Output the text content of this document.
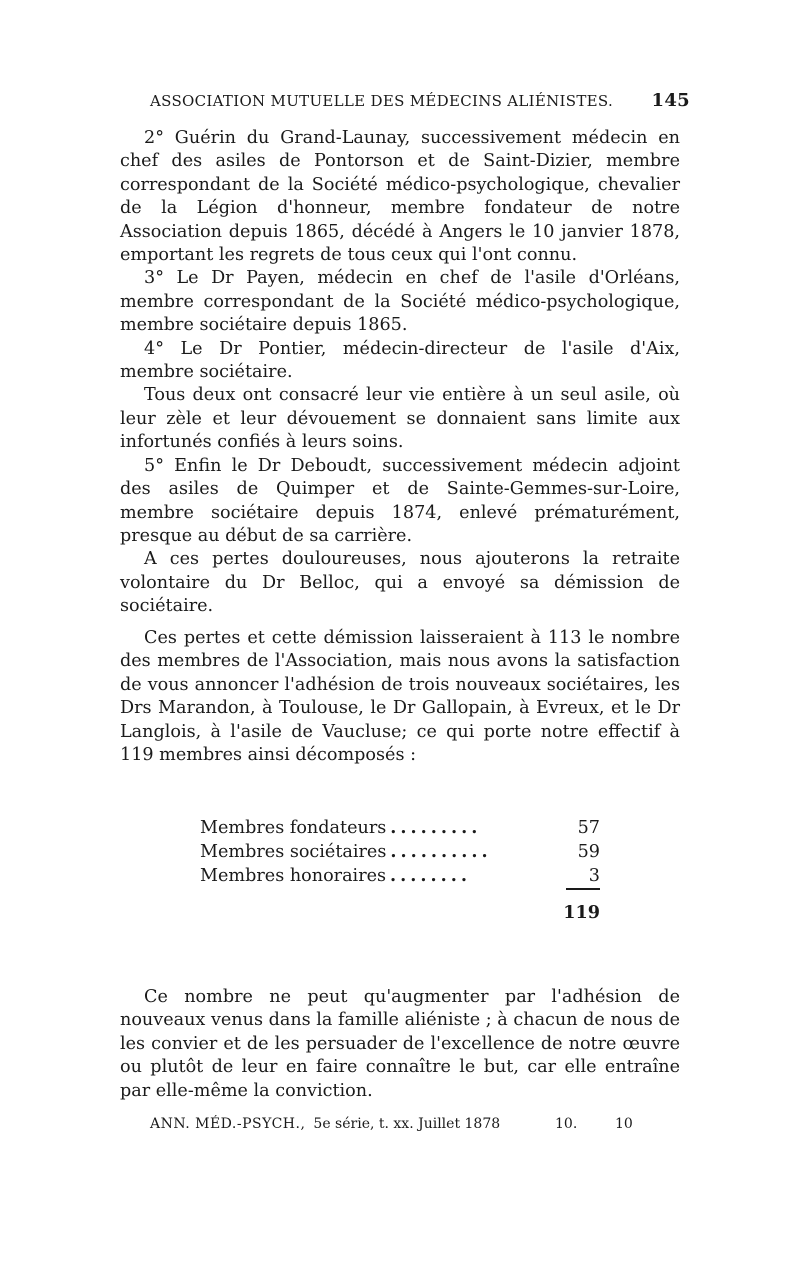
ASSOCIATION MUTUELLE DES MÉDECINS ALIÉNISTES. 145

2° Guérin du Grand-Launay, successivement médecin en chef des asiles de Pontorson et de Saint-Dizier, membre correspondant de la Société médico-psychologique, chevalier de la Légion d'honneur, membre fondateur de notre Association depuis 1865, décédé à Angers le 10 janvier 1878, emportant les regrets de tous ceux qui l'ont connu.

3° Le Dr Payen, médecin en chef de l'asile d'Orléans, membre correspondant de la Société médico-psychologique, membre sociétaire depuis 1865.

4° Le Dr Pontier, médecin-directeur de l'asile d'Aix, membre sociétaire.

Tous deux ont consacré leur vie entière à un seul asile, où leur zèle et leur dévouement se donnaient sans limite aux infortunés confiés à leurs soins.

5° Enfin le Dr Deboudt, successivement médecin adjoint des asiles de Quimper et de Sainte-Gemmes-sur-Loire, membre sociétaire depuis 1874, enlevé prématurément, presque au début de sa carrière.

A ces pertes douloureuses, nous ajouterons la retraite volontaire du Dr Belloc, qui a envoyé sa démission de sociétaire.

Ces pertes et cette démission laisseraient à 113 le nombre des membres de l'Association, mais nous avons la satisfaction de vous annoncer l'adhésion de trois nouveaux sociétaires, les Drs Marandon, à Toulouse, le Dr Gallopain, à Evreux, et le Dr Langlois, à l'asile de Vaucluse; ce qui porte notre effectif à 119 membres ainsi décomposés :

Membres fondateurs .........	57
Membres sociétaires ..........	59
Membres honoraires ........	3
119

Ce nombre ne peut qu'augmenter par l'adhésion de nouveaux venus dans la famille aliéniste ; à chacun de nous de les convier et de les persuader de l'excellence de notre œuvre ou plutôt de leur en faire connaître le but, car elle entraîne par elle-même la conviction.

ANN. MÉD.-PSYCH., 5e série, t. xx. Juillet 1878	10.	10
